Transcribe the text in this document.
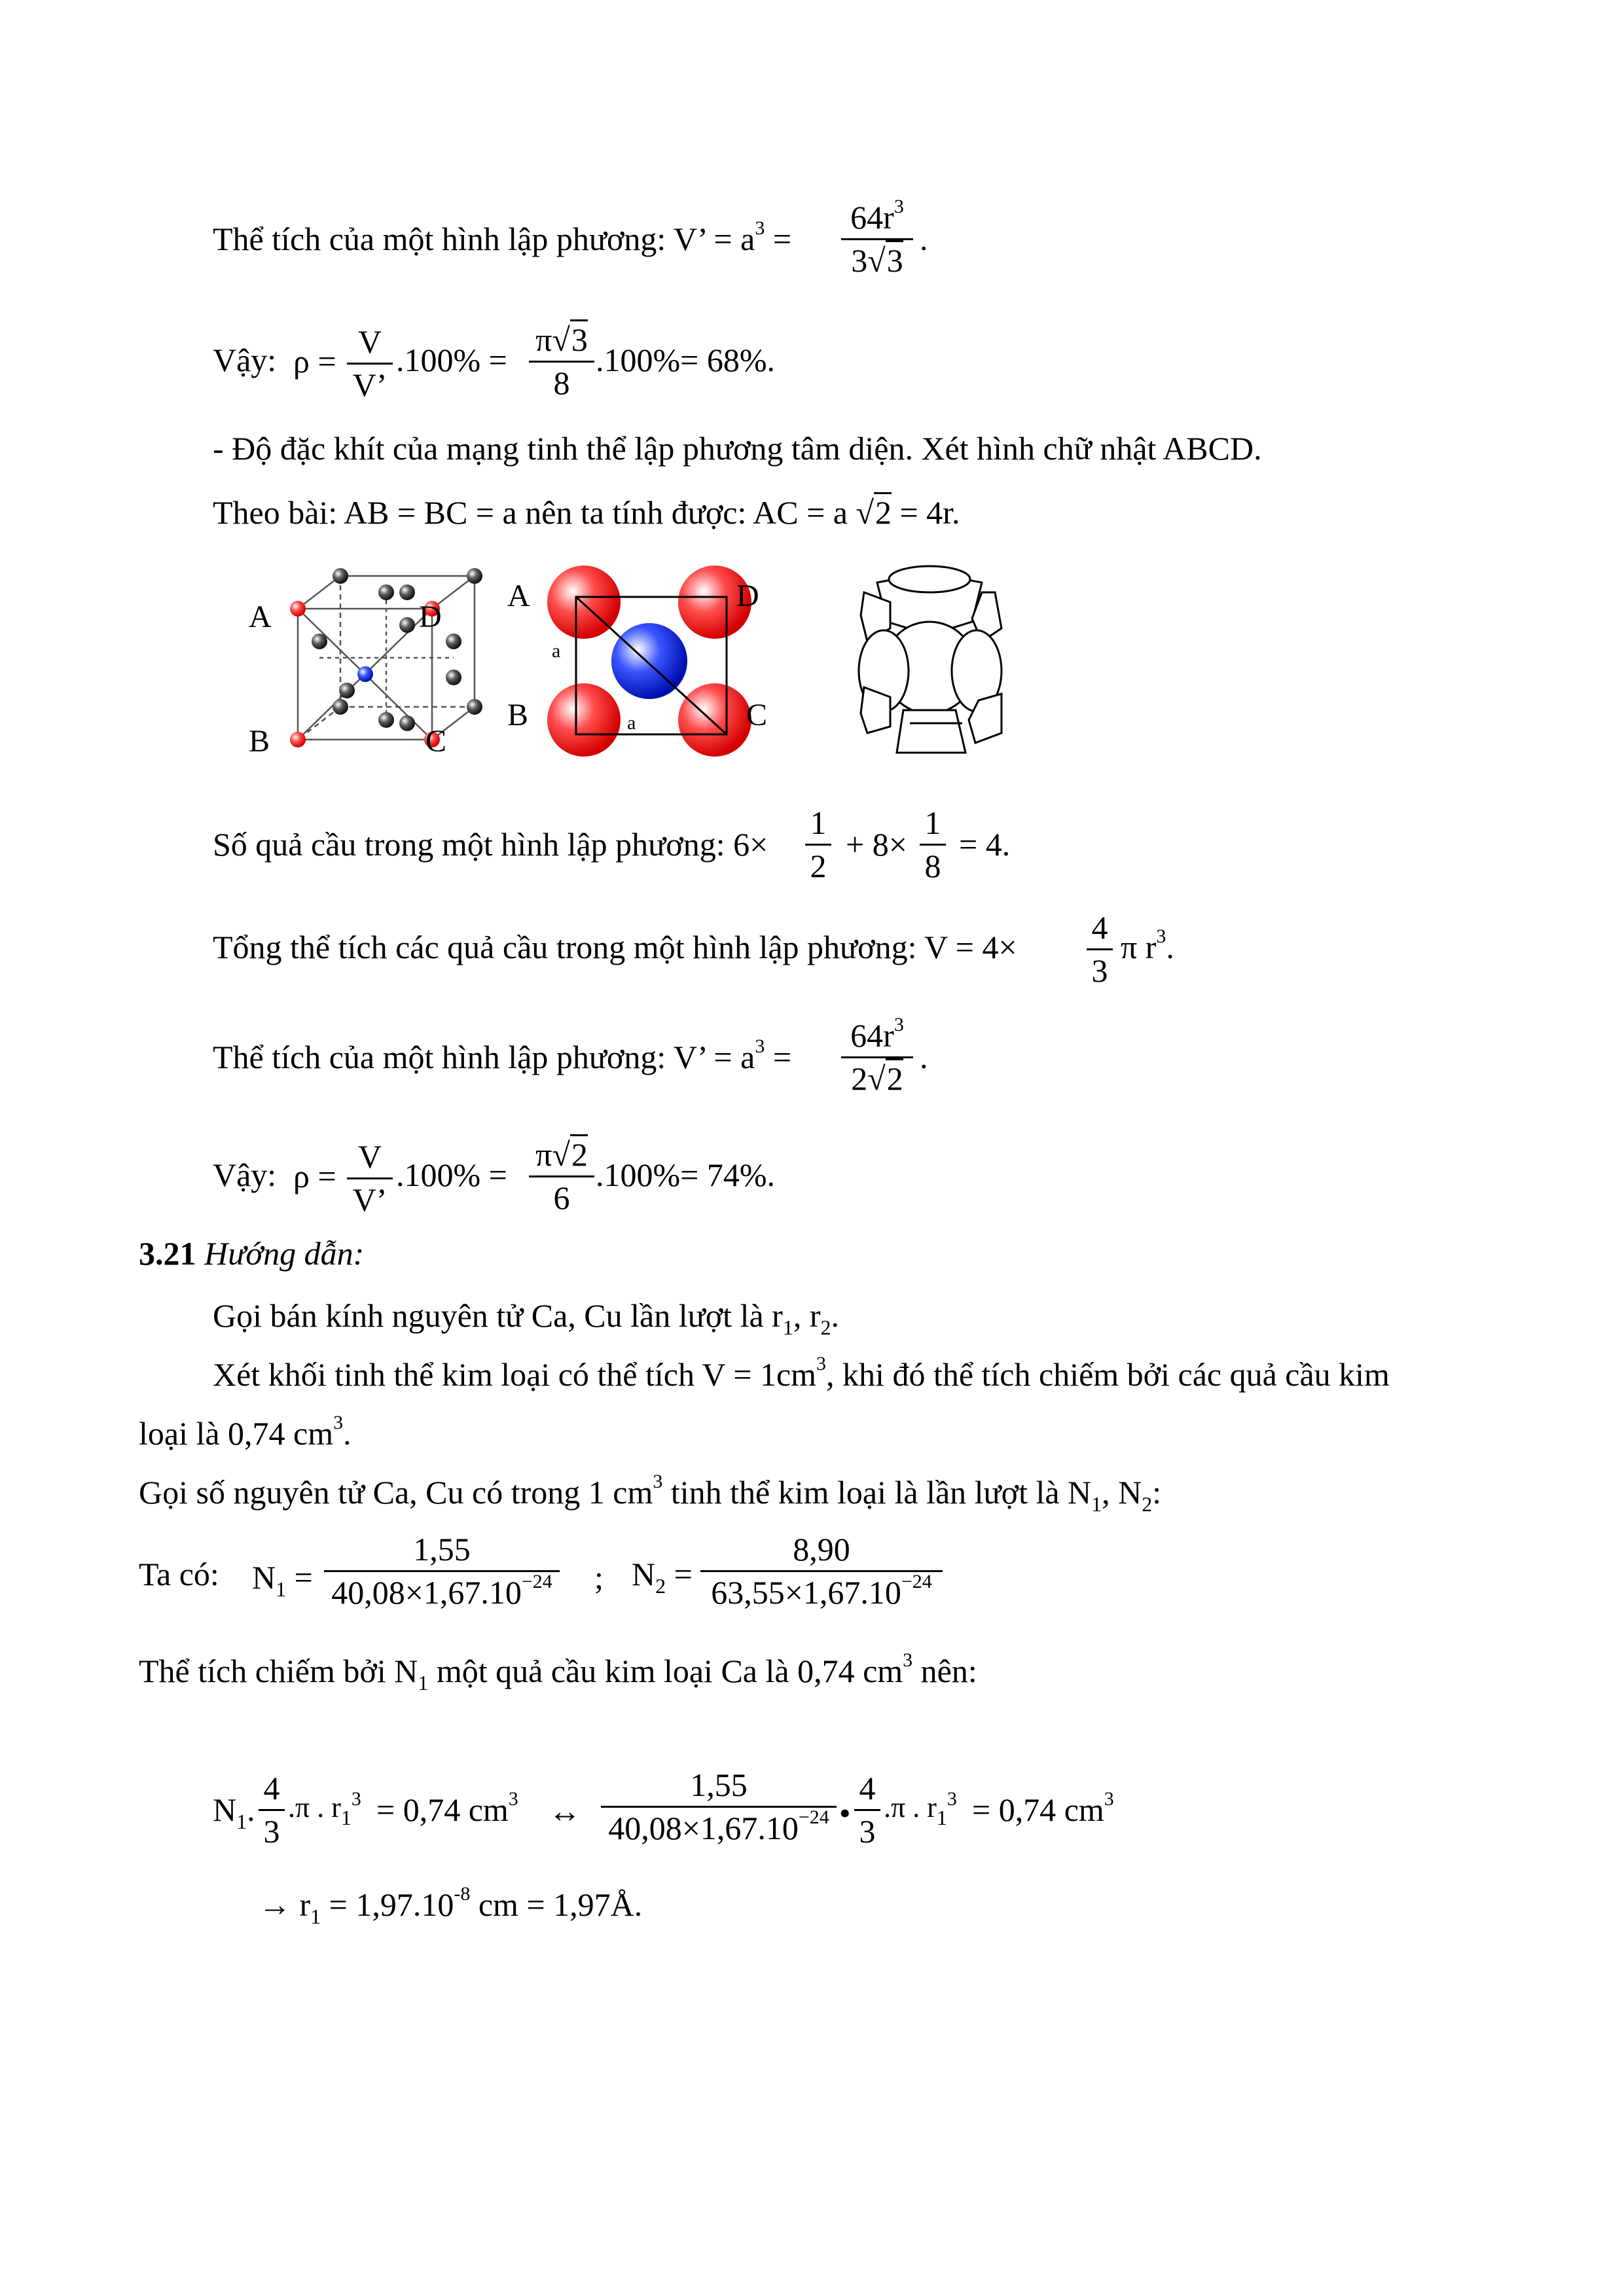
Thể tích của một hình lập phương: V’ = $a^3$ =
$64r^3$
3√3
.
Vậy: ρ =
V
V’
.100% =
π√3
8
.100%= 68%.
- Độ đặc khít của mạng tinh thể lập phương tâm diện. Xét hình chữ nhật ABCD.
Theo bài: AB = BC = a nên ta tính được: AC = a √2 = 4r.
A	D
B	C
A	D
B	C
a
a
Số quả cầu trong một hình lập phương: 6×
1
2
+ 8×
1
8
= 4.
Tổng thể tích các quả cầu trong một hình lập phương: V = 4×
4
3
π $r^3$.
Thể tích của một hình lập phương: V’ = $a^3$ =
$64r^3$
2√2
.
Vậy: ρ =
V
V’
.100% =
π√2
6
.100%= 74%.
3.21 Hướng dẫn:
Gọi bán kính nguyên tử Ca, Cu lần lượt là $r_1$, $r_2$.
Xét khối tinh thể kim loại có thể tích $V = 1cm^3$, khi đó thể tích chiếm bởi các quả cầu kim
loại là 0,74 $cm^3$.
Gọi số nguyên tử Ca, Cu có trong 1 $cm^3$ tinh thể kim loại là lần lượt là $N_1$, $N_2$:
Ta có: $N_1$ =
1,55
$40,08\times 1,67.10^{-24}$ ; $N_2$ =
8,90
$63,55\times 1,67.10^{-24}$
Thể tích chiếm bởi $N_1$ một quả cầu kim loại Ca là 0,74 $cm^3$ nên:
$N_1$.
4
3
.π . $r_1^3 = 0,74$ $cm^3$ ↔
1,55
$40,08\times 1,67.10^{-24}$ •
4
3
.π . $r_1^3 = 0,74$ $cm^3$
→ $r_1 = 1,97.10^{-8}$ cm = 1,97Å.
